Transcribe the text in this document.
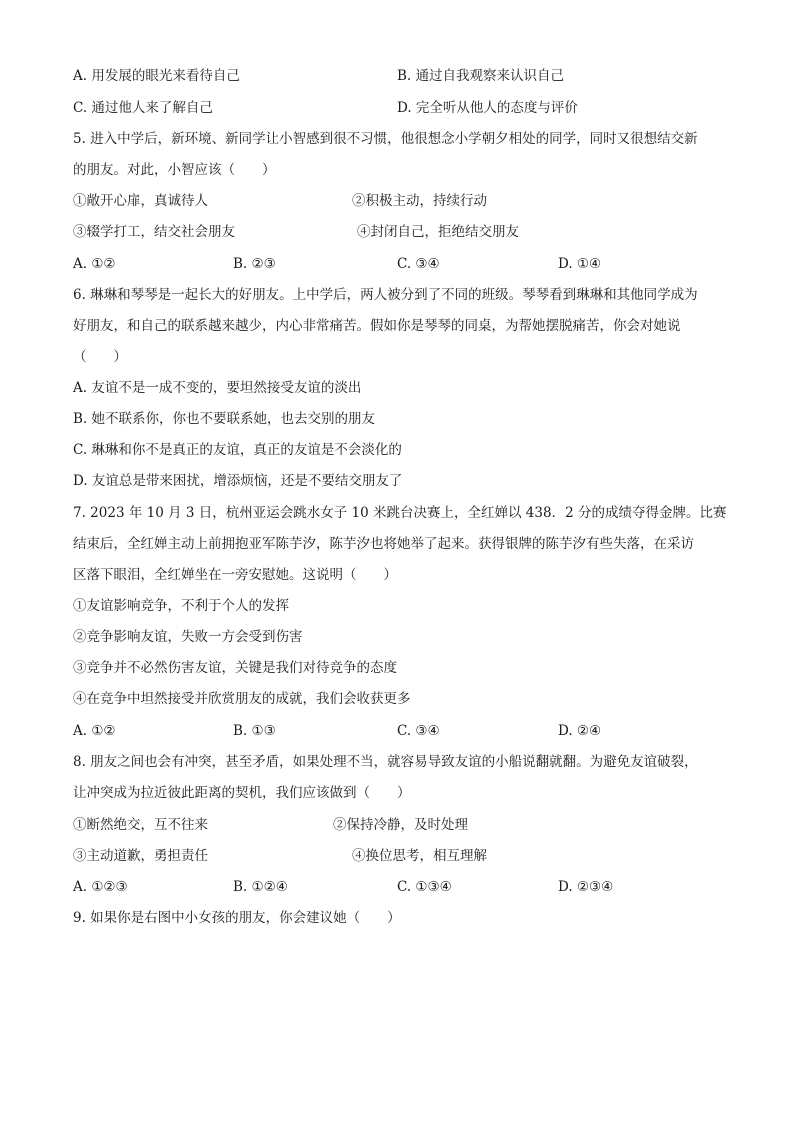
A. 用发展的眼光来看待自己	B. 通过自我观察来认识自己
C. 通过他人来了解自己	D. 完全听从他人的态度与评价
5. 进入中学后，新环境、新同学让小智感到很不习惯，他很想念小学朝夕相处的同学，同时又很想结交新
的朋友。对此，小智应该（　　）
①敞开心扉，真诚待人	②积极主动，持续行动
③辍学打工，结交社会朋友	④封闭自己，拒绝结交朋友
A. ①②	B. ②③	C. ③④	D. ①④
6. 琳琳和琴琴是一起长大的好朋友。上中学后，两人被分到了不同的班级。琴琴看到琳琳和其他同学成为
好朋友，和自己的联系越来越少，内心非常痛苦。假如你是琴琴的同桌，为帮她摆脱痛苦，你会对她说
（　　）
A. 友谊不是一成不变的，要坦然接受友谊的淡出
B. 她不联系你，你也不要联系她，也去交别的朋友
C. 琳琳和你不是真正的友谊，真正的友谊是不会淡化的
D. 友谊总是带来困扰，增添烦恼，还是不要结交朋友了
7. 2023 年 10 月 3 日，杭州亚运会跳水女子 10 米跳台决赛上，全红婵以 438．2 分的成绩夺得金牌。比赛
结束后，全红婵主动上前拥抱亚军陈芋汐，陈芋汐也将她举了起来。获得银牌的陈芋汐有些失落，在采访
区落下眼泪，全红婵坐在一旁安慰她。这说明（　　）
①友谊影响竞争，不利于个人的发挥
②竞争影响友谊，失败一方会受到伤害
③竞争并不必然伤害友谊，关键是我们对待竞争的态度
④在竞争中坦然接受并欣赏朋友的成就，我们会收获更多
A. ①②	B. ①③	C. ③④	D. ②④
8. 朋友之间也会有冲突，甚至矛盾，如果处理不当，就容易导致友谊的小船说翻就翻。为避免友谊破裂，
让冲突成为拉近彼此距离的契机，我们应该做到（　　）
①断然绝交，互不往来	②保持冷静，及时处理
③主动道歉，勇担责任	④换位思考，相互理解
A. ①②③	B. ①②④	C. ①③④	D. ②③④
9. 如果你是右图中小女孩的朋友，你会建议她（　　）
